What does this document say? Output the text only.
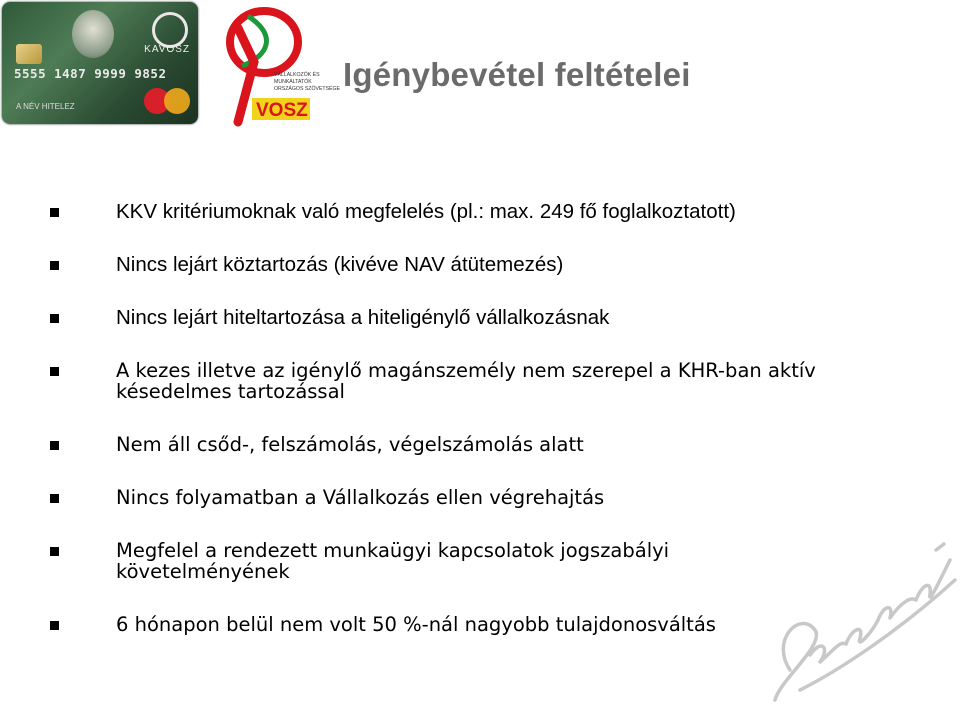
KAVOSZ
5555 1487 9999 9852
A NÉV HITELEZ	VOSZ
VÁLLALKOZÓK ÉS
MUNKÁLTATÓK
ORSZÁGOS SZÖVETSÉGE Igénybevétel feltételei
KKV kritériumoknak való megfelelés (pl.: max. 249 fő foglalkoztatott)
Nincs lejárt köztartozás (kivéve NAV átütemezés)
Nincs lejárt hiteltartozása a hiteligénylő vállalkozásnak
A kezes illetve az igénylő magánszemély nem szerepel a KHR-ban aktív
késedelmes tartozással
Nem áll csőd-, felszámolás, végelszámolás alatt
Nincs folyamatban a Vállalkozás ellen végrehajtás
Megfelel a rendezett munkaügyi kapcsolatok jogszabályi
követelményének
6 hónapon belül nem volt 50 %-nál nagyobb tulajdonosváltás
